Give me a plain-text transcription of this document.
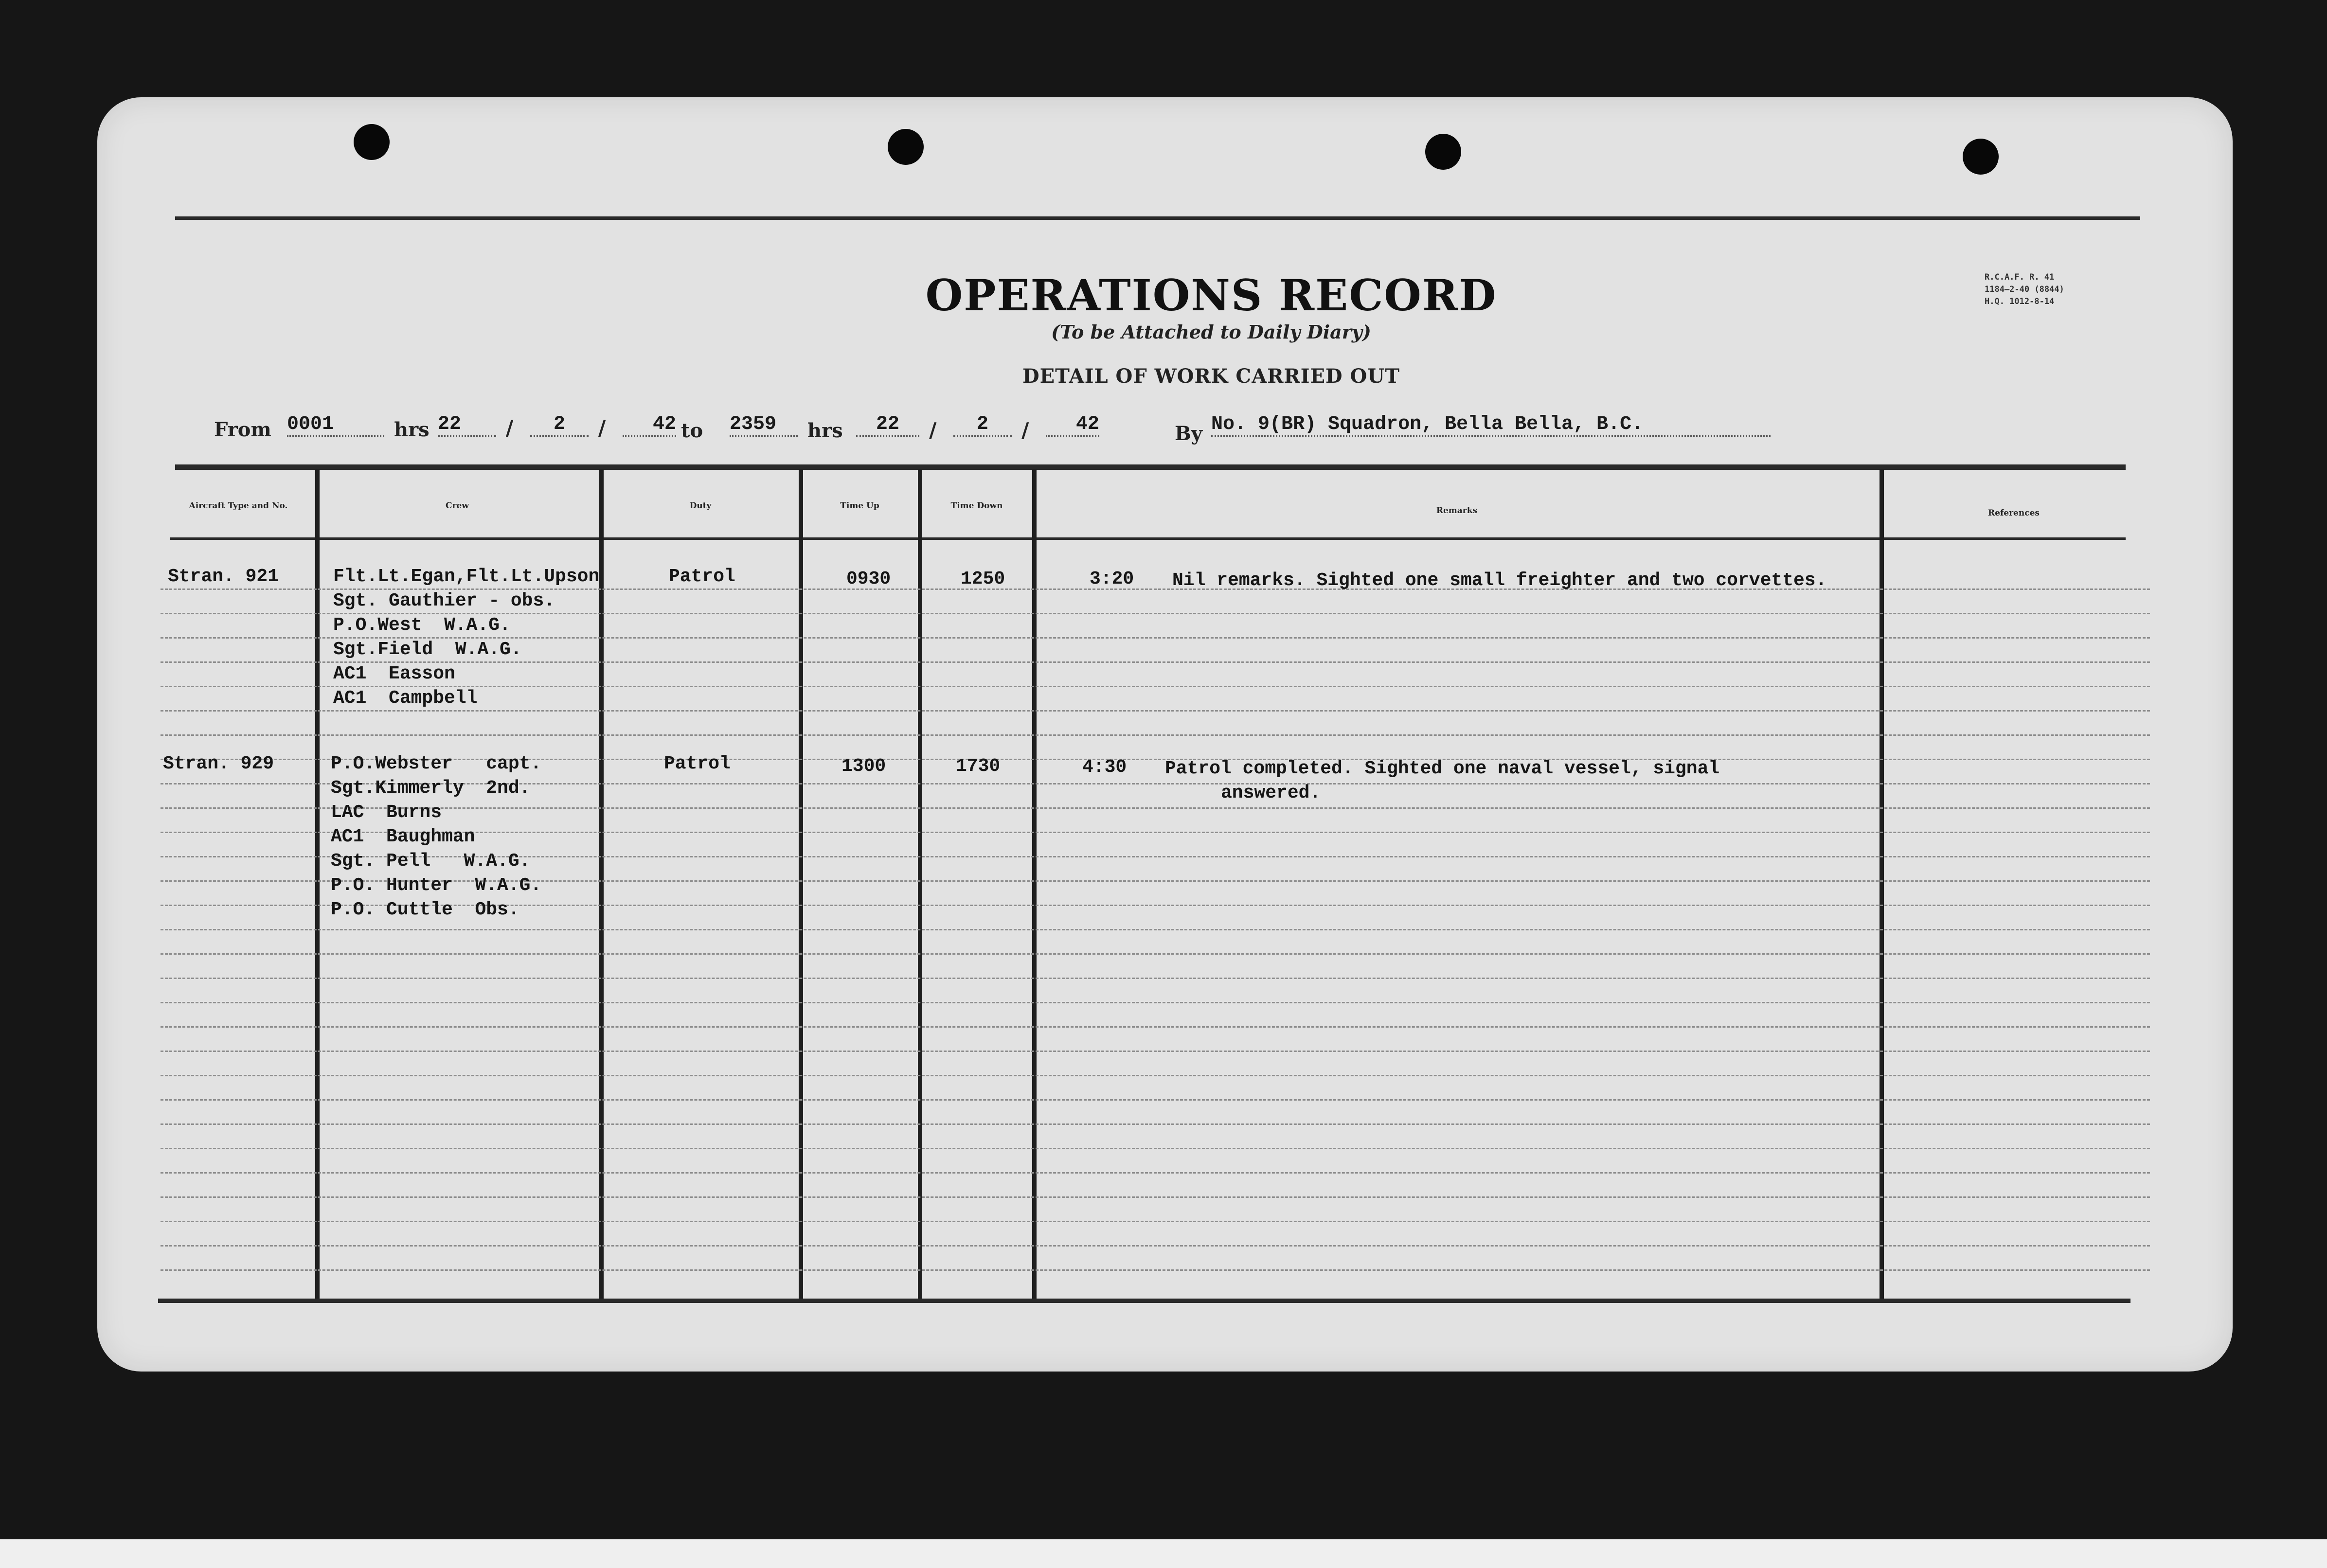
OPERATIONS RECORD
(To be Attached to Daily Diary)
DETAIL OF WORK CARRIED OUT
R.C.A.F. R. 41
1184—2-40 (8844)
H.Q. 1012-8-14
From 0001	hrs 22	/	2	/	42 to 2359	hrs	22	/	2	/	42	By No. 9(BR) Squadron, Bella Bella, B.C.
Aircraft Type and No.	Crew	Duty	Time Up	Time Down	Remarks	References
Stran. 921	Flt.Lt.Egan,Flt.Lt.Upson
Sgt. Gauthier - obs.
P.O.West  W.A.G.
Sgt.Field  W.A.G.
AC1  Easson
AC1  Campbell
Patrol	0930	1250	3:20 Nil remarks. Sighted one small freighter and two corvettes.
Stran. 929	P.O.Webster   capt.
Sgt.Kimmerly  2nd.
LAC  Burns
AC1  Baughman
Sgt. Pell   W.A.G.
P.O. Hunter  W.A.G.
P.O. Cuttle  Obs.
Patrol	1300	1730	4:30 Patrol completed. Sighted one naval vessel, signal
answered.
